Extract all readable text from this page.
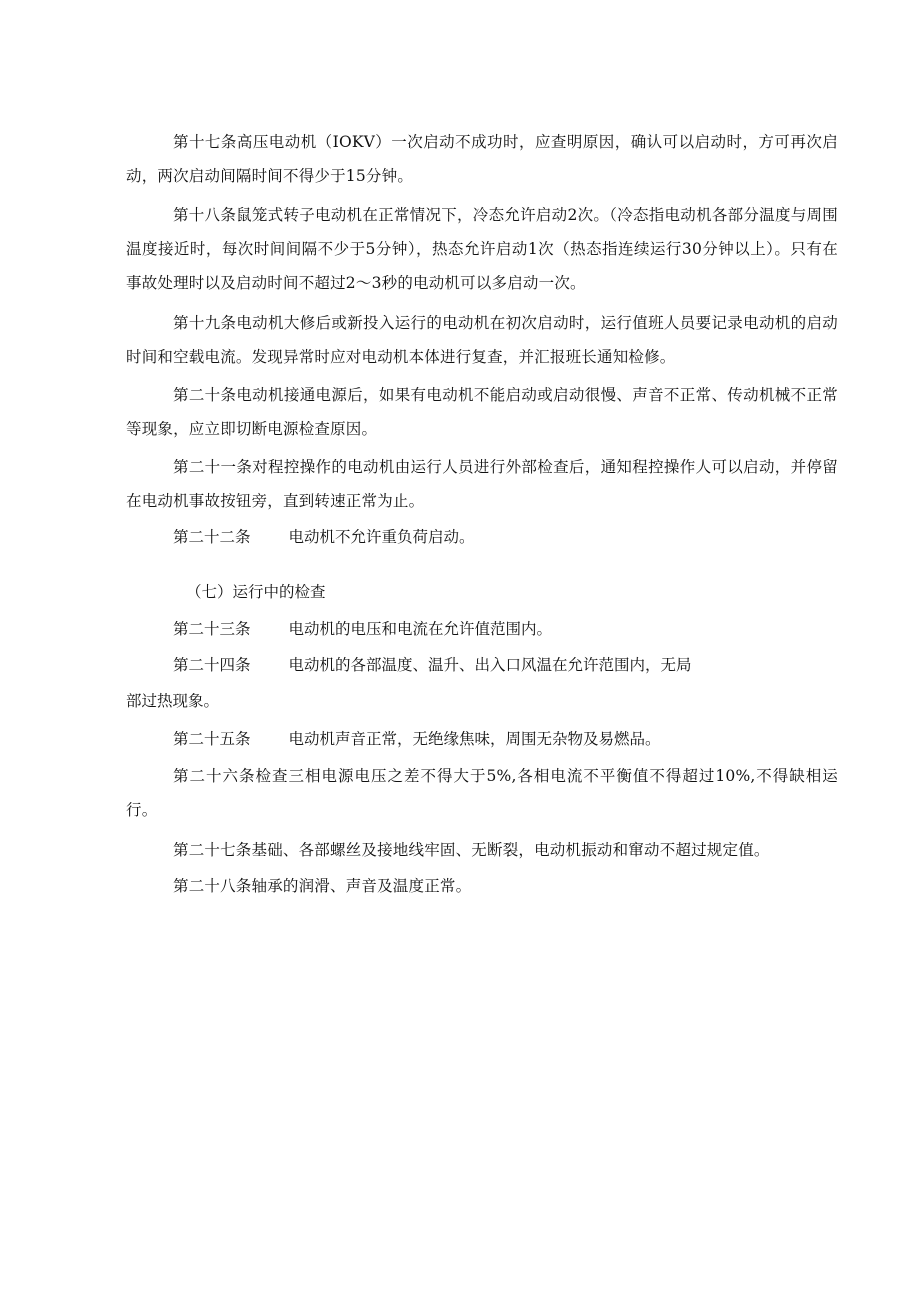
第十七条高压电动机（IOKV）一次启动不成功时，应查明原因，确认可以启动时，方可再次启动，两次启动间隔时间不得少于15分钟。

第十八条鼠笼式转子电动机在正常情况下，冷态允许启动2次。（冷态指电动机各部分温度与周围温度接近时，每次时间间隔不少于5分钟），热态允许启动1次（热态指连续运行30分钟以上）。只有在事故处理时以及启动时间不超过2～3秒的电动机可以多启动一次。

第十九条电动机大修后或新投入运行的电动机在初次启动时，运行值班人员要记录电动机的启动时间和空载电流。发现异常时应对电动机本体进行复查，并汇报班长通知检修。

第二十条电动机接通电源后，如果有电动机不能启动或启动很慢、声音不正常、传动机械不正常等现象，应立即切断电源检查原因。

第二十一条对程控操作的电动机由运行人员进行外部检查后，通知程控操作人可以启动，并停留在电动机事故按钮旁，直到转速正常为止。

第二十二条 电动机不允许重负荷启动。

（七）运行中的检查

第二十三条 电动机的电压和电流在允许值范围内。

第二十四条 电动机的各部温度、温升、出入口风温在允许范围内，无局

部过热现象。

第二十五条 电动机声音正常，无绝缘焦味，周围无杂物及易燃品。

第二十六条检查三相电源电压之差不得大于5%,各相电流不平衡值不得超过10%,不得缺相运行。

第二十七条基础、各部螺丝及接地线牢固、无断裂，电动机振动和窜动不超过规定值。

第二十八条轴承的润滑、声音及温度正常。
